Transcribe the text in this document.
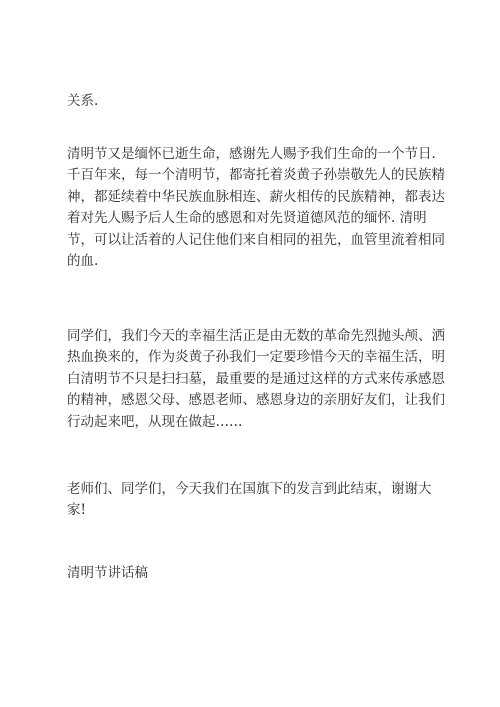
关系.
清明节又是缅怀已逝生命，感谢先人赐予我们生命的一个节日.
千百年来，每一个清明节，都寄托着炎黄子孙崇敬先人的民族精
神，都延续着中华民族血脉相连、薪火相传的民族精神，都表达
着对先人赐予后人生命的感恩和对先贤道德风范的缅怀. 清明
节，可以让活着的人记住他们来自相同的祖先，血管里流着相同
的血.
同学们，我们今天的幸福生活正是由无数的革命先烈抛头颅、洒
热血换来的，作为炎黄子孙我们一定要珍惜今天的幸福生活，明
白清明节不只是扫扫墓，最重要的是通过这样的方式来传承感恩
的精神，感恩父母、感恩老师、感恩身边的亲朋好友们，让我们
行动起来吧，从现在做起……
老师们、同学们，今天我们在国旗下的发言到此结束，谢谢大
家!
清明节讲话稿
